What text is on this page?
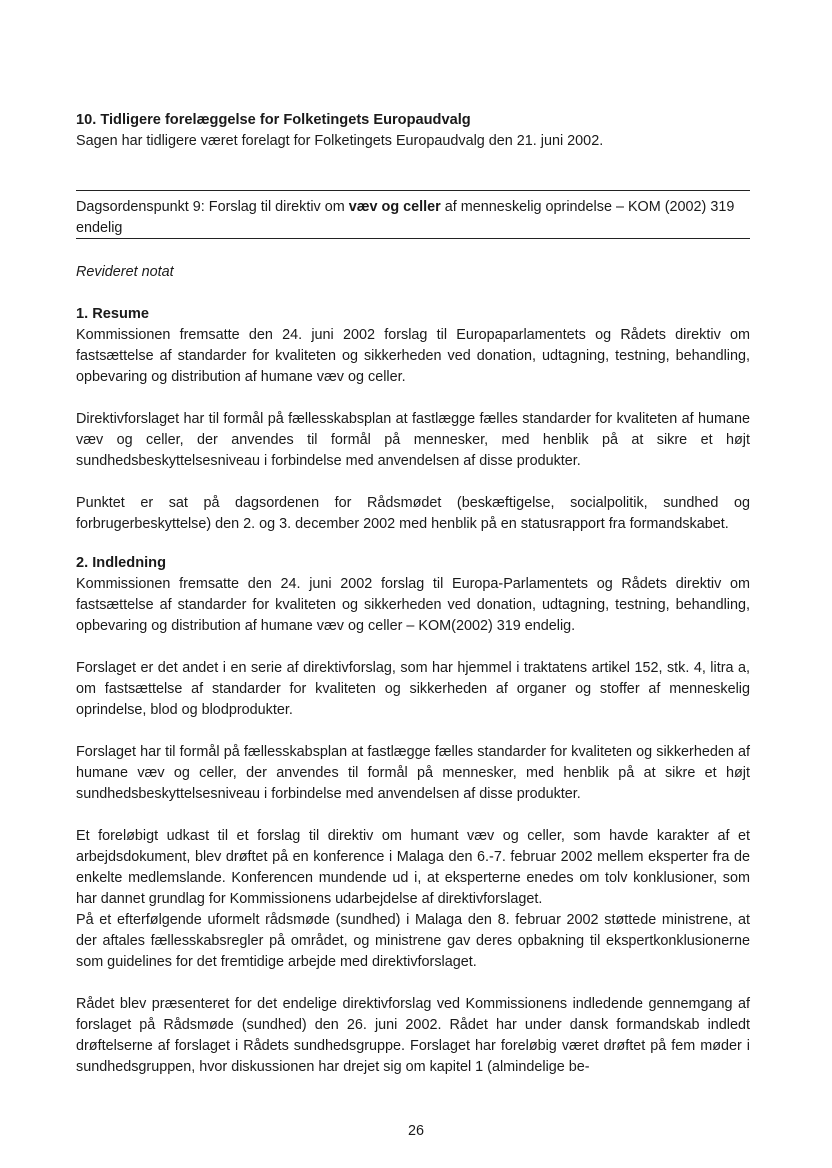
10. Tidligere forelæggelse for Folketingets Europaudvalg

Sagen har tidligere været forelagt for Folketingets Europaudvalg den 21. juni 2002.

Dagsordenspunkt 9: Forslag til direktiv om væv og celler af menneskelig oprindelse – KOM (2002) 319 endelig
Revideret notat
1. Resume

Kommissionen fremsatte den 24. juni 2002 forslag til Europaparlamentets og Rådets direktiv om fastsættelse af standarder for kvaliteten og sikkerheden ved donation, udtagning, testning, behandling, opbevaring og distribution af humane væv og celler.

Direktivforslaget har til formål på fællesskabsplan at fastlægge fælles standarder for kvaliteten af humane væv og celler, der anvendes til formål på mennesker, med henblik på at sikre et højt sundhedsbeskyttelsesniveau i forbindelse med anvendelsen af disse produkter.

Punktet er sat på dagsordenen for Rådsmødet (beskæftigelse, socialpolitik, sundhed og forbrugerbeskyttelse) den 2. og 3. december 2002 med henblik på en statusrapport fra formandskabet.

2. Indledning

Kommissionen fremsatte den 24. juni 2002 forslag til Europa-Parlamentets og Rådets direktiv om fastsættelse af standarder for kvaliteten og sikkerheden ved donation, udtagning, testning, behandling, opbevaring og distribution af humane væv og celler – KOM(2002) 319 endelig.

Forslaget er det andet i en serie af direktivforslag, som har hjemmel i traktatens artikel 152, stk. 4, litra a, om fastsættelse af standarder for kvaliteten og sikkerheden af organer og stoffer af menneskelig oprindelse, blod og blodprodukter.

Forslaget har til formål på fællesskabsplan at fastlægge fælles standarder for kvaliteten og sikkerheden af humane væv og celler, der anvendes til formål på mennesker, med henblik på at sikre et højt sundhedsbeskyttelsesniveau i forbindelse med anvendelsen af disse produkter.

Et foreløbigt udkast til et forslag til direktiv om humant væv og celler, som havde karakter af et arbejdsdokument, blev drøftet på en konference i Malaga den 6.-7. februar 2002 mellem eksperter fra de enkelte medlemslande. Konferencen mundende ud i, at eksperterne enedes om tolv konklusioner, som har dannet grundlag for Kommissionens udarbejdelse af direktivforslaget.

På et efterfølgende uformelt rådsmøde (sundhed) i Malaga den 8. februar 2002 støttede ministrene, at der aftales fællesskabsregler på området, og ministrene gav deres opbakning til ekspertkonklusionerne som guidelines for det fremtidige arbejde med direktivforslaget.

Rådet blev præsenteret for det endelige direktivforslag ved Kommissionens indledende gennemgang af forslaget på Rådsmøde (sundhed) den 26. juni 2002. Rådet har under dansk formandskab indledt drøftelserne af forslaget i Rådets sundhedsgruppe. Forslaget har foreløbig været drøftet på fem møder i sundhedsgruppen, hvor diskussionen har drejet sig om kapitel 1 (almindelige be-

26
